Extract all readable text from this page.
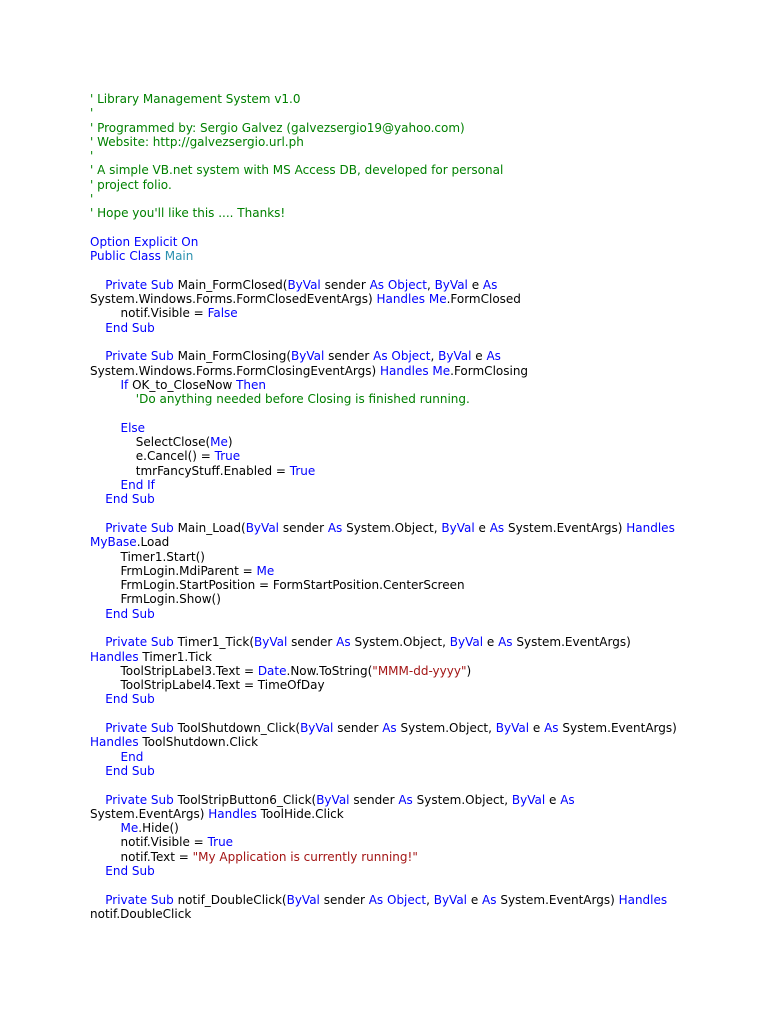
' Library Management System v1.0
'
' Programmed by: Sergio Galvez (galvezsergio19@yahoo.com)
' Website: http://galvezsergio.url.ph
'
' A simple VB.net system with MS Access DB, developed for personal
' project folio.
'
' Hope you'll like this .... Thanks!
Option Explicit On
Public Class Main
Private Sub Main_FormClosed(ByVal sender As Object, ByVal e As
System.Windows.Forms.FormClosedEventArgs) Handles Me.FormClosed
notif.Visible = False
End Sub
Private Sub Main_FormClosing(ByVal sender As Object, ByVal e As
System.Windows.Forms.FormClosingEventArgs) Handles Me.FormClosing
If OK_to_CloseNow Then
'Do anything needed before Closing is finished running.
Else
SelectClose(Me)
e.Cancel() = True
tmrFancyStuff.Enabled = True
End If
End Sub
Private Sub Main_Load(ByVal sender As System.Object, ByVal e As System.EventArgs) Handles
MyBase.Load
Timer1.Start()
FrmLogin.MdiParent = Me
FrmLogin.StartPosition = FormStartPosition.CenterScreen
FrmLogin.Show()
End Sub
Private Sub Timer1_Tick(ByVal sender As System.Object, ByVal e As System.EventArgs)
Handles Timer1.Tick
ToolStripLabel3.Text = Date.Now.ToString("MMM-dd-yyyy")
ToolStripLabel4.Text = TimeOfDay
End Sub
Private Sub ToolShutdown_Click(ByVal sender As System.Object, ByVal e As System.EventArgs)
Handles ToolShutdown.Click
End
End Sub
Private Sub ToolStripButton6_Click(ByVal sender As System.Object, ByVal e As
System.EventArgs) Handles ToolHide.Click
Me.Hide()
notif.Visible = True
notif.Text = "My Application is currently running!"
End Sub
Private Sub notif_DoubleClick(ByVal sender As Object, ByVal e As System.EventArgs) Handles
notif.DoubleClick
